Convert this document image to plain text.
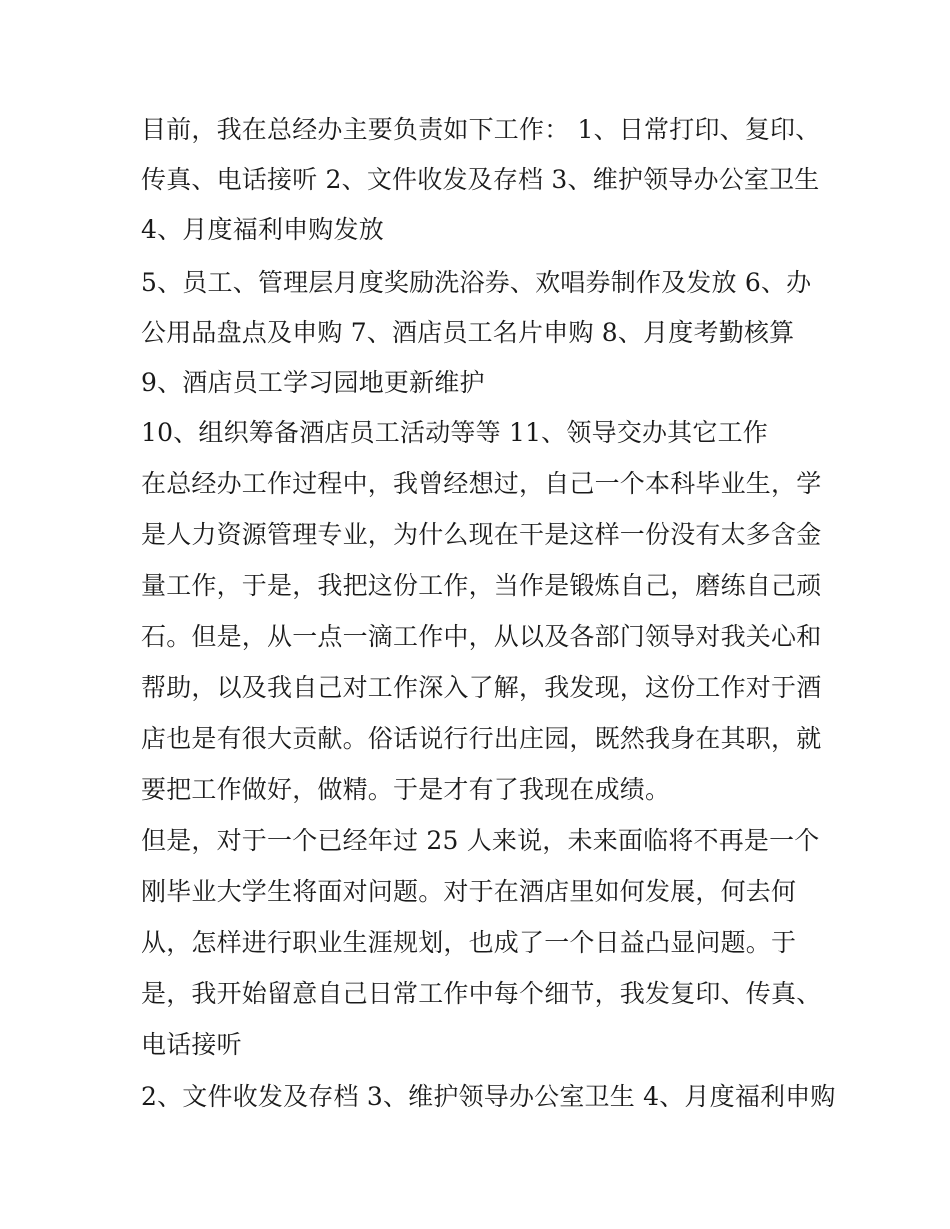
目前，我在总经办主要负责如下工作： 1、日常打印、复印、
传真、电话接听 2、文件收发及存档 3、维护领导办公室卫生
4、月度福利申购发放
5、员工、管理层月度奖励洗浴券、欢唱券制作及发放 6、办
公用品盘点及申购 7、酒店员工名片申购 8、月度考勤核算
9、酒店员工学习园地更新维护
10、组织筹备酒店员工活动等等 11、领导交办其它工作
在总经办工作过程中，我曾经想过，自己一个本科毕业生，学
是人力资源管理专业，为什么现在干是这样一份没有太多含金
量工作，于是，我把这份工作，当作是锻炼自己，磨练自己顽
石。但是，从一点一滴工作中，从以及各部门领导对我关心和
帮助，以及我自己对工作深入了解，我发现，这份工作对于酒
店也是有很大贡献。俗话说行行出庄园，既然我身在其职，就
要把工作做好，做精。于是才有了我现在成绩。
但是，对于一个已经年过 25 人来说，未来面临将不再是一个
刚毕业大学生将面对问题。对于在酒店里如何发展，何去何
从，怎样进行职业生涯规划，也成了一个日益凸显问题。于
是，我开始留意自己日常工作中每个细节，我发复印、传真、
电话接听
2、文件收发及存档 3、维护领导办公室卫生 4、月度福利申购
